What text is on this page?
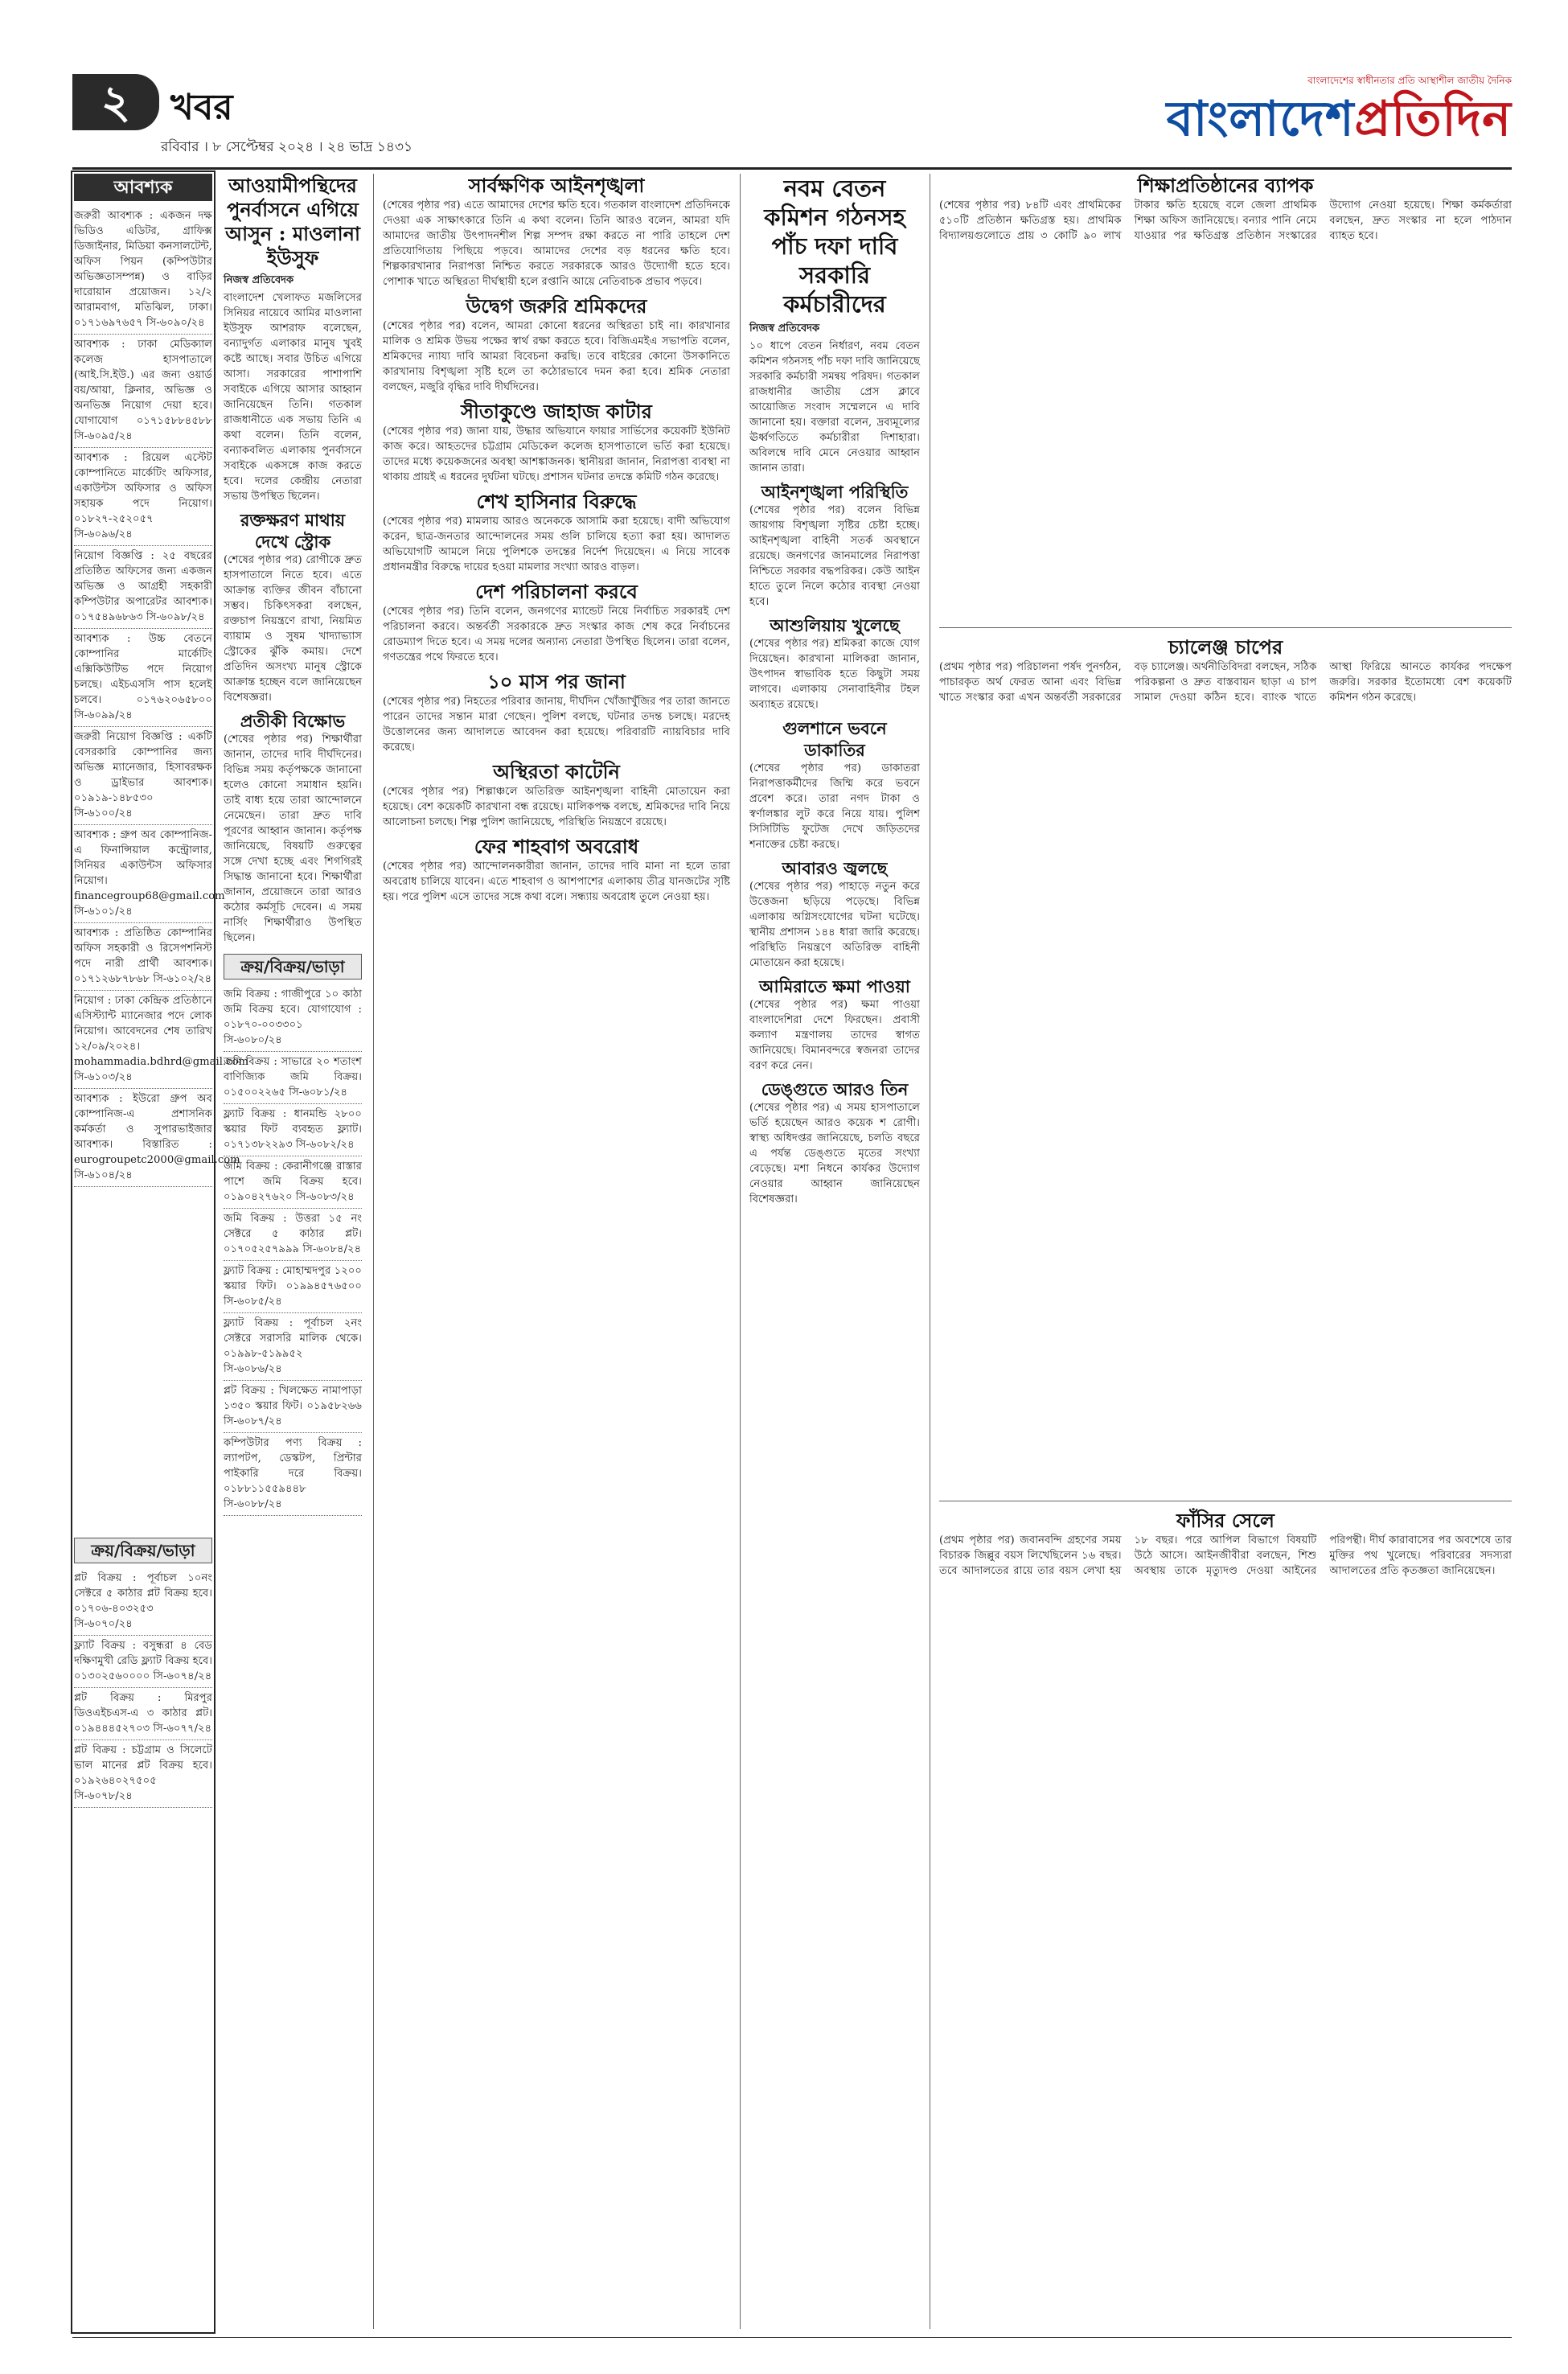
২	খবর
রবিবার । ৮ সেপ্টেম্বর ২০২৪ । ২৪ ভাদ্র ১৪৩১
বাংলাদেশের স্বাধীনতার প্রতি আস্থাশীল জাতীয় দৈনিক
বাংলাদেশপ্রতিদিন
আবশ্যক
জরুরী আবশ্যক : একজন দক্ষ ভিডিও এডিটর, গ্রাফিক্স ডিজাইনার, মিডিয়া কনসালটেন্ট, অফিস পিয়ন (কম্পিউটার অভিজ্ঞতাসম্পন্ন) ও বাড়ির দারোয়ান প্রয়োজন। ১২/২ আরামবাগ, মতিঝিল, ঢাকা। ০১৭১৬৯৭৬৫৭ সি-৬০৯০/২৪
আবশ্যক : ঢাকা মেডিক্যাল কলেজ হাসপাতালে (আই.সি.ইউ.) এর জন্য ওয়ার্ড বয়/আয়া, ক্লিনার, অভিজ্ঞ ও অনভিজ্ঞ নিয়োগ দেয়া হবে। যোগাযোগ ০১৭১৫৮৮৪৫৮৮ সি-৬০৯৫/২৪
আবশ্যক : রিয়েল এস্টেট কোম্পানিতে মার্কেটিং অফিসার, একাউন্টস অফিসার ও অফিস সহায়ক পদে নিয়োগ। ০১৮২৭-২৫২০৫৭ সি-৬০৯৬/২৪
নিয়োগ বিজ্ঞপ্তি : ২৫ বছরের প্রতিষ্ঠিত অফিসের জন্য একজন অভিজ্ঞ ও আগ্রহী সহকারী কম্পিউটার অপারেটর আবশ্যক। ০১৭৫৪৯৬৮৬৩ সি-৬০৯৮/২৪
আবশ্যক : উচ্চ বেতনে কোম্পানির মার্কেটিং এক্সিকিউটিভ পদে নিয়োগ চলছে। এইচএসসি পাস হলেই চলবে। ০১৭৬২০৬৫৮০০ সি-৬০৯৯/২৪
জরুরী নিয়োগ বিজ্ঞপ্তি : একটি বেসরকারি কোম্পানির জন্য অভিজ্ঞ ম্যানেজার, হিসাবরক্ষক ও ড্রাইভার আবশ্যক। ০১৯১৯-১৪৮৫৩০ সি-৬১০০/২৪
আবশ্যক : গ্রুপ অব কোম্পানিজ-এ ফিনান্সিয়াল কন্ট্রোলার, সিনিয়র একাউন্টস অফিসার নিয়োগ। financegroup68@gmail.com সি-৬১০১/২৪
আবশ্যক : প্রতিষ্ঠিত কোম্পানির অফিস সহকারী ও রিসেপশনিস্ট পদে নারী প্রার্থী আবশ্যক। ০১৭১২৬৮৭৮৬৮ সি-৬১০২/২৪
নিয়োগ : ঢাকা কেন্দ্রিক প্রতিষ্ঠানে এসিস্ট্যান্ট ম্যানেজার পদে লোক নিয়োগ। আবেদনের শেষ তারিখ ১২/০৯/২০২৪। mohammadia.bdhrd@gmail.com সি-৬১০৩/২৪
আবশ্যক : ইউরো গ্রুপ অব কোম্পানিজ-এ প্রশাসনিক কর্মকর্তা ও সুপারভাইজার আবশ্যক। বিস্তারিত : eurogroupetc2000@gmail.com সি-৬১০৪/২৪
ক্রয়/বিক্রয়/ভাড়া
প্লট বিক্রয় : পূর্বাচল ১০নং সেক্টরে ৫ কাঠার প্লট বিক্রয় হবে। ০১৭০৬-৪০৩২৫৩ সি-৬০৭০/২৪
ফ্ল্যাট বিক্রয় : বসুন্ধরা ৪ বেড দক্ষিণমুখী রেডি ফ্ল্যাট বিক্রয় হবে। ০১৩০২৫৬০০০০ সি-৬০৭৪/২৪
প্লট বিক্রয় : মিরপুর ডিওএইচএস-এ ৩ কাঠার প্লট। ০১৯৪৪৪৫২৭০৩ সি-৬০৭৭/২৪
প্লট বিক্রয় : চট্টগ্রাম ও সিলেটে ভাল মানের প্লট বিক্রয় হবে। ০১৯২৬৪০২৭৫০৫ সি-৬০৭৮/২৪
আওয়ামীপন্থিদের পুনর্বাসনে এগিয়ে আসুন : মাওলানা ইউসুফ
নিজস্ব প্রতিবেদক

বাংলাদেশ খেলাফত মজলিসের সিনিয়র নায়েবে আমির মাওলানা ইউসুফ আশরাফ বলেছেন, বন্যাদুর্গত এলাকার মানুষ খুবই কষ্টে আছে। সবার উচিত এগিয়ে আসা। সরকারের পাশাপাশি সবাইকে এগিয়ে আসার আহ্বান জানিয়েছেন তিনি। গতকাল রাজধানীতে এক সভায় তিনি এ কথা বলেন। তিনি বলেন, বন্যাকবলিত এলাকায় পুনর্বাসনে সবাইকে একসঙ্গে কাজ করতে হবে। দলের কেন্দ্রীয় নেতারা সভায় উপস্থিত ছিলেন।

রক্তক্ষরণ মাথায় দেখে স্ট্রোক

(শেষের পৃষ্ঠার পর) রোগীকে দ্রুত হাসপাতালে নিতে হবে। এতে আক্রান্ত ব্যক্তির জীবন বাঁচানো সম্ভব। চিকিৎসকরা বলছেন, রক্তচাপ নিয়ন্ত্রণে রাখা, নিয়মিত ব্যায়াম ও সুষম খাদ্যাভ্যাস স্ট্রোকের ঝুঁকি কমায়। দেশে প্রতিদিন অসংখ্য মানুষ স্ট্রোকে আক্রান্ত হচ্ছেন বলে জানিয়েছেন বিশেষজ্ঞরা।

প্রতীকী বিক্ষোভ

(শেষের পৃষ্ঠার পর) শিক্ষার্থীরা জানান, তাদের দাবি দীর্ঘদিনের। বিভিন্ন সময় কর্তৃপক্ষকে জানানো হলেও কোনো সমাধান হয়নি। তাই বাধ্য হয়ে তারা আন্দোলনে নেমেছেন। তারা দ্রুত দাবি পূরণের আহ্বান জানান। কর্তৃপক্ষ জানিয়েছে, বিষয়টি গুরুত্বের সঙ্গে দেখা হচ্ছে এবং শিগগিরই সিদ্ধান্ত জানানো হবে। শিক্ষার্থীরা জানান, প্রয়োজনে তারা আরও কঠোর কর্মসূচি দেবেন। এ সময় নার্সিং শিক্ষার্থীরাও উপস্থিত ছিলেন।

ক্রয়/বিক্রয়/ভাড়া
জমি বিক্রয় : গাজীপুরে ১০ কাঠা জমি বিক্রয় হবে। যোগাযোগ : ০১৮৭০-০০৩৩০১ সি-৬০৮০/২৪
জমি বিক্রয় : সাভারে ২০ শতাংশ বাণিজ্যিক জমি বিক্রয়। ০১৫০০২২৬৫ সি-৬০৮১/২৪
ফ্ল্যাট বিক্রয় : ধানমন্ডি ২৮০০ স্কয়ার ফিট ব্যবহৃত ফ্ল্যাট। ০১৭১৩৮২২৯৩ সি-৬০৮২/২৪
জমি বিক্রয় : কেরানীগঞ্জে রাস্তার পাশে জমি বিক্রয় হবে। ০১৯০৪২৭৬২০ সি-৬০৮৩/২৪
জমি বিক্রয় : উত্তরা ১৫ নং সেক্টরে ৫ কাঠার প্লট। ০১৭০৫২৫৭৯৯৯ সি-৬০৮৪/২৪
ফ্ল্যাট বিক্রয় : মোহাম্মদপুর ১২০০ স্কয়ার ফিট। ০১৯৯৪৫৭৬৫০০ সি-৬০৮৫/২৪
ফ্ল্যাট বিক্রয় : পূর্বাচল ২নং সেক্টরে সরাসরি মালিক থেকে। ০১৯৯৮-৫১৯৯৫২ সি-৬০৮৬/২৪
প্লট বিক্রয় : খিলক্ষেত নামাপাড়া ১৩৫০ স্কয়ার ফিট। ০১৯৫৮২৬৬ সি-৬০৮৭/২৪
কম্পিউটার পণ্য বিক্রয় : ল্যাপটপ, ডেস্কটপ, প্রিন্টার পাইকারি দরে বিক্রয়। ০১৮৮১১৫৫৯৪৪৮ সি-৬০৮৮/২৪
সার্বক্ষণিক আইনশৃঙ্খলা

(শেষের পৃষ্ঠার পর) এতে আমাদের দেশের ক্ষতি হবে। গতকাল বাংলাদেশ প্রতিদিনকে দেওয়া এক সাক্ষাৎকারে তিনি এ কথা বলেন। তিনি আরও বলেন, আমরা যদি আমাদের জাতীয় উৎপাদনশীল শিল্প সম্পদ রক্ষা করতে না পারি তাহলে দেশ প্রতিযোগিতায় পিছিয়ে পড়বে। আমাদের দেশের বড় ধরনের ক্ষতি হবে। শিল্পকারখানার নিরাপত্তা নিশ্চিত করতে সরকারকে আরও উদ্যোগী হতে হবে। পোশাক খাতে অস্থিরতা দীর্ঘস্থায়ী হলে রপ্তানি আয়ে নেতিবাচক প্রভাব পড়বে।

উদ্বেগ জরুরি শ্রমিকদের

(শেষের পৃষ্ঠার পর) বলেন, আমরা কোনো ধরনের অস্থিরতা চাই না। কারখানার মালিক ও শ্রমিক উভয় পক্ষের স্বার্থ রক্ষা করতে হবে। বিজিএমইএ সভাপতি বলেন, শ্রমিকদের ন্যায্য দাবি আমরা বিবেচনা করছি। তবে বাইরের কোনো উসকানিতে কারখানায় বিশৃঙ্খলা সৃষ্টি হলে তা কঠোরভাবে দমন করা হবে। শ্রমিক নেতারা বলছেন, মজুরি বৃদ্ধির দাবি দীর্ঘদিনের।

সীতাকুণ্ডে জাহাজ কাটার

(শেষের পৃষ্ঠার পর) জানা যায়, উদ্ধার অভিযানে ফায়ার সার্ভিসের কয়েকটি ইউনিট কাজ করে। আহতদের চট্টগ্রাম মেডিকেল কলেজ হাসপাতালে ভর্তি করা হয়েছে। তাদের মধ্যে কয়েকজনের অবস্থা আশঙ্কাজনক। স্থানীয়রা জানান, নিরাপত্তা ব্যবস্থা না থাকায় প্রায়ই এ ধরনের দুর্ঘটনা ঘটছে। প্রশাসন ঘটনার তদন্তে কমিটি গঠন করেছে।

শেখ হাসিনার বিরুদ্ধে

(শেষের পৃষ্ঠার পর) মামলায় আরও অনেককে আসামি করা হয়েছে। বাদী অভিযোগ করেন, ছাত্র-জনতার আন্দোলনের সময় গুলি চালিয়ে হত্যা করা হয়। আদালত অভিযোগটি আমলে নিয়ে পুলিশকে তদন্তের নির্দেশ দিয়েছেন। এ নিয়ে সাবেক প্রধানমন্ত্রীর বিরুদ্ধে দায়ের হওয়া মামলার সংখ্যা আরও বাড়ল।

দেশ পরিচালনা করবে

(শেষের পৃষ্ঠার পর) তিনি বলেন, জনগণের ম্যান্ডেট নিয়ে নির্বাচিত সরকারই দেশ পরিচালনা করবে। অন্তর্বর্তী সরকারকে দ্রুত সংস্কার কাজ শেষ করে নির্বাচনের রোডম্যাপ দিতে হবে। এ সময় দলের অন্যান্য নেতারা উপস্থিত ছিলেন। তারা বলেন, গণতন্ত্রের পথে ফিরতে হবে।

১০ মাস পর জানা

(শেষের পৃষ্ঠার পর) নিহতের পরিবার জানায়, দীর্ঘদিন খোঁজাখুঁজির পর তারা জানতে পারেন তাদের সন্তান মারা গেছেন। পুলিশ বলছে, ঘটনার তদন্ত চলছে। মরদেহ উত্তোলনের জন্য আদালতে আবেদন করা হয়েছে। পরিবারটি ন্যায়বিচার দাবি করেছে।

অস্থিরতা কাটেনি

(শেষের পৃষ্ঠার পর) শিল্পাঞ্চলে অতিরিক্ত আইনশৃঙ্খলা বাহিনী মোতায়েন করা হয়েছে। বেশ কয়েকটি কারখানা বন্ধ রয়েছে। মালিকপক্ষ বলছে, শ্রমিকদের দাবি নিয়ে আলোচনা চলছে। শিল্প পুলিশ জানিয়েছে, পরিস্থিতি নিয়ন্ত্রণে রয়েছে।

ফের শাহবাগ অবরোধ

(শেষের পৃষ্ঠার পর) আন্দোলনকারীরা জানান, তাদের দাবি মানা না হলে তারা অবরোধ চালিয়ে যাবেন। এতে শাহবাগ ও আশপাশের এলাকায় তীব্র যানজটের সৃষ্টি হয়। পরে পুলিশ এসে তাদের সঙ্গে কথা বলে। সন্ধ্যায় অবরোধ তুলে নেওয়া হয়।

নবম বেতন কমিশন গঠনসহ পাঁচ দফা দাবি সরকারি কর্মচারীদের
নিজস্ব প্রতিবেদক

১০ ধাপে বেতন নির্ধারণ, নবম বেতন কমিশন গঠনসহ পাঁচ দফা দাবি জানিয়েছে সরকারি কর্মচারী সমন্বয় পরিষদ। গতকাল রাজধানীর জাতীয় প্রেস ক্লাবে আয়োজিত সংবাদ সম্মেলনে এ দাবি জানানো হয়। বক্তারা বলেন, দ্রব্যমূল্যের ঊর্ধ্বগতিতে কর্মচারীরা দিশাহারা। অবিলম্বে দাবি মেনে নেওয়ার আহ্বান জানান তারা।

আইনশৃঙ্খলা পরিস্থিতি

(শেষের পৃষ্ঠার পর) বলেন বিভিন্ন জায়গায় বিশৃঙ্খলা সৃষ্টির চেষ্টা হচ্ছে। আইনশৃঙ্খলা বাহিনী সতর্ক অবস্থানে রয়েছে। জনগণের জানমালের নিরাপত্তা নিশ্চিতে সরকার বদ্ধপরিকর। কেউ আইন হাতে তুলে নিলে কঠোর ব্যবস্থা নেওয়া হবে।

আশুলিয়ায় খুলেছে

(শেষের পৃষ্ঠার পর) শ্রমিকরা কাজে যোগ দিয়েছেন। কারখানা মালিকরা জানান, উৎপাদন স্বাভাবিক হতে কিছুটা সময় লাগবে। এলাকায় সেনাবাহিনীর টহল অব্যাহত রয়েছে।

গুলশানে ভবনে ডাকাতির

(শেষের পৃষ্ঠার পর) ডাকাতরা নিরাপত্তাকর্মীদের জিম্মি করে ভবনে প্রবেশ করে। তারা নগদ টাকা ও স্বর্ণালঙ্কার লুট করে নিয়ে যায়। পুলিশ সিসিটিভি ফুটেজ দেখে জড়িতদের শনাক্তের চেষ্টা করছে।

আবারও জ্বলছে

(শেষের পৃষ্ঠার পর) পাহাড়ে নতুন করে উত্তেজনা ছড়িয়ে পড়েছে। বিভিন্ন এলাকায় অগ্নিসংযোগের ঘটনা ঘটেছে। স্থানীয় প্রশাসন ১৪৪ ধারা জারি করেছে। পরিস্থিতি নিয়ন্ত্রণে অতিরিক্ত বাহিনী মোতায়েন করা হয়েছে।

আমিরাতে ক্ষমা পাওয়া

(শেষের পৃষ্ঠার পর) ক্ষমা পাওয়া বাংলাদেশিরা দেশে ফিরছেন। প্রবাসী কল্যাণ মন্ত্রণালয় তাদের স্বাগত জানিয়েছে। বিমানবন্দরে স্বজনরা তাদের বরণ করে নেন।

ডেঙ্গুতে আরও তিন

(শেষের পৃষ্ঠার পর) এ সময় হাসপাতালে ভর্তি হয়েছেন আরও কয়েক শ রোগী। স্বাস্থ্য অধিদপ্তর জানিয়েছে, চলতি বছরে এ পর্যন্ত ডেঙ্গুতে মৃতের সংখ্যা বেড়েছে। মশা নিধনে কার্যকর উদ্যোগ নেওয়ার আহ্বান জানিয়েছেন বিশেষজ্ঞরা।

শিক্ষাপ্রতিষ্ঠানের ব্যাপক

(শেষের পৃষ্ঠার পর) ৮৪টি এবং প্রাথমিকের ৫১০টি প্রতিষ্ঠান ক্ষতিগ্রস্ত হয়। প্রাথমিক বিদ্যালয়গুলোতে প্রায় ৩ কোটি ৯০ লাখ টাকার ক্ষতি হয়েছে বলে জেলা প্রাথমিক শিক্ষা অফিস জানিয়েছে। বন্যার পানি নেমে যাওয়ার পর ক্ষতিগ্রস্ত প্রতিষ্ঠান সংস্কারের উদ্যোগ নেওয়া হয়েছে। শিক্ষা কর্মকর্তারা বলছেন, দ্রুত সংস্কার না হলে পাঠদান ব্যাহত হবে।

চ্যালেঞ্জ চাপের

(প্রথম পৃষ্ঠার পর) পরিচালনা পর্ষদ পুনর্গঠন, পাচারকৃত অর্থ ফেরত আনা এবং বিভিন্ন খাতে সংস্কার করা এখন অন্তর্বর্তী সরকারের বড় চ্যালেঞ্জ। অর্থনীতিবিদরা বলছেন, সঠিক পরিকল্পনা ও দ্রুত বাস্তবায়ন ছাড়া এ চাপ সামাল দেওয়া কঠিন হবে। ব্যাংক খাতে আস্থা ফিরিয়ে আনতে কার্যকর পদক্ষেপ জরুরি। সরকার ইতোমধ্যে বেশ কয়েকটি কমিশন গঠন করেছে।

ফাঁসির সেলে

(প্রথম পৃষ্ঠার পর) জবানবন্দি গ্রহণের সময় বিচারক জিল্লুর বয়স লিখেছিলেন ১৬ বছর। তবে আদালতের রায়ে তার বয়স লেখা হয় ১৮ বছর। পরে আপিল বিভাগে বিষয়টি উঠে আসে। আইনজীবীরা বলছেন, শিশু অবস্থায় তাকে মৃত্যুদণ্ড দেওয়া আইনের পরিপন্থী। দীর্ঘ কারাবাসের পর অবশেষে তার মুক্তির পথ খুলেছে। পরিবারের সদস্যরা আদালতের প্রতি কৃতজ্ঞতা জানিয়েছেন।
